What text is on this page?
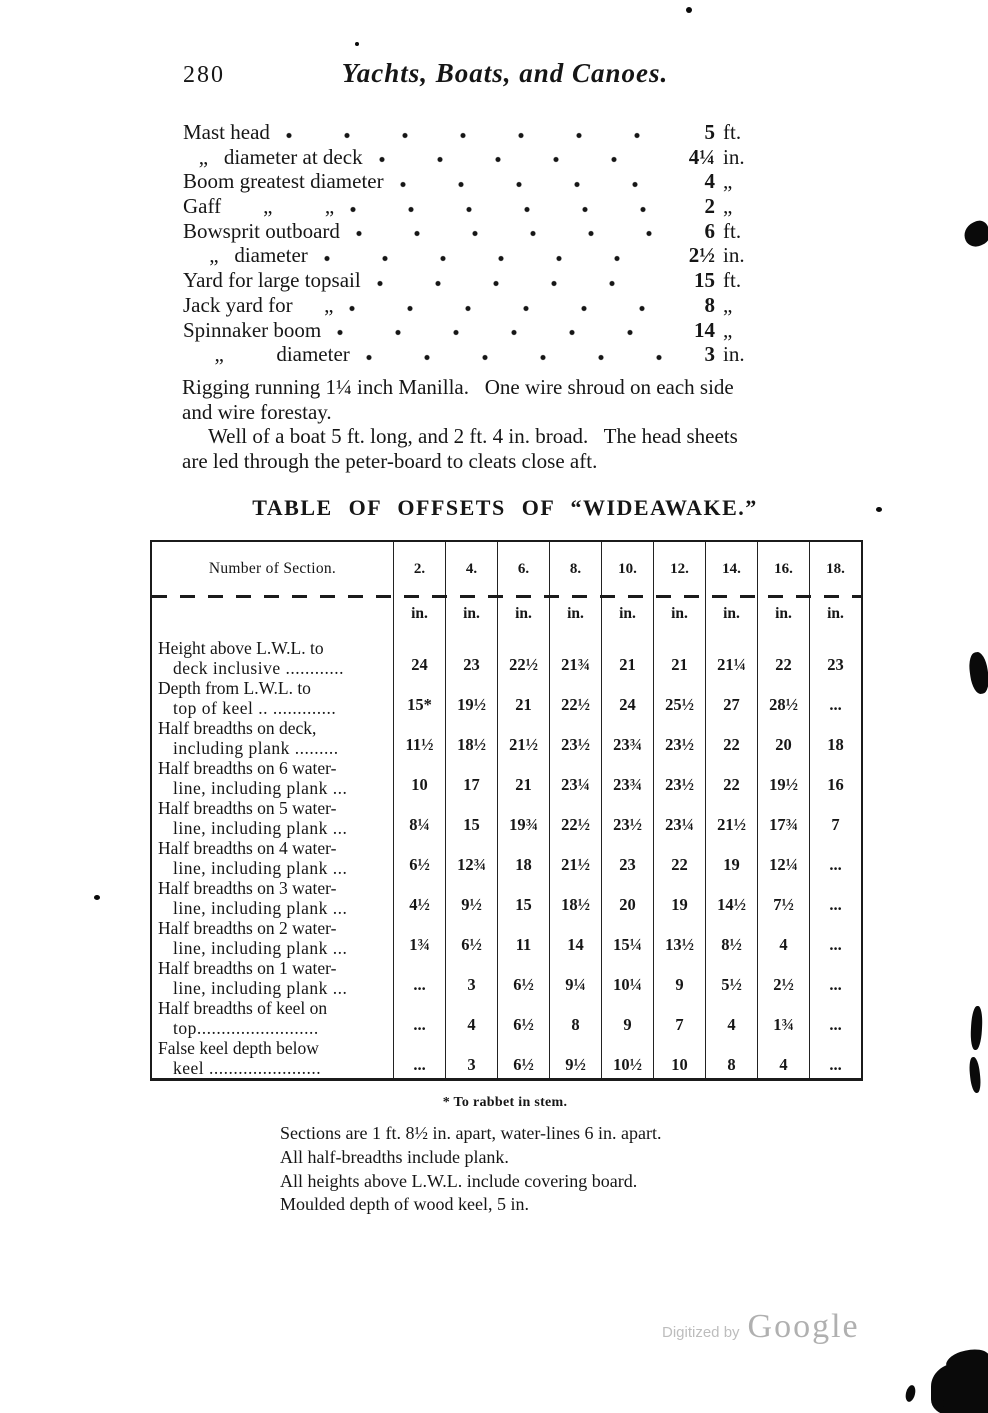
280	Yachts, Boats, and Canoes.
Mast head	5 ft.
„   diameter at deck	4¼ in.
Boom greatest diameter	4 „
Gaff        „          „	2 „
Bowsprit outboard	6 ft.
„   diameter	2½ in.
Yard for large topsail	15 ft.
Jack yard for      „	8 „
Spinnaker boom	14 „
„          diameter	3 in.
Rigging running 1¼ inch Manilla.   One wire shroud on each side
and wire forestay.
Well of a boat 5 ft. long, and 2 ft. 4 in. broad.   The head sheets
are led through the peter-board to cleats close aft.
TABLE OF OFFSETS OF “WIDEAWAKE.”
Number of Section.	2.	4.	6.	8.	10.	12.	14.	16.	18.
in.	in.	in.	in.	in.	in.	in.	in.	in.
Height above L.W.L. to
deck inclusive ............	24	23	22½	21¾	21	21	21¼	22	23
Depth from L.W.L. to
top of keel .. .............	15*	19½	21	22½	24	25½	27	28½	...
Half breadths on deck,
including plank .........	11½	18½	21½	23½	23¾	23½	22	20	18
Half breadths on 6 water-
line, including plank ...	10	17	21	23¼	23¾	23½	22	19½	16
Half breadths on 5 water-
line, including plank ...	8¼	15	19¾	22½	23½	23¼	21½	17¾	7
Half breadths on 4 water-
line, including plank ...	6½	12¾	18	21½	23	22	19	12¼	...
Half breadths on 3 water-
line, including plank ...	4½	9½	15	18½	20	19	14½	7½	...
Half breadths on 2 water-
line, including plank ...	1¾	6½	11	14	15¼	13½	8½	4	...
Half breadths on 1 water-
line, including plank ...	...	3	6½	9¼	10¼	9	5½	2½	...
Half breadths of keel on
top.........................	...	4	6½	8	9	7	4	1¾	...
False keel depth below
keel .......................	...	3	6½	9½	10½	10	8	4	...
* To rabbet in stem.
Sections are 1 ft. 8½ in. apart, water-lines 6 in. apart.
All half-breadths include plank.
All heights above L.W.L. include covering board.
Moulded depth of wood keel, 5 in.
Digitized by Google
